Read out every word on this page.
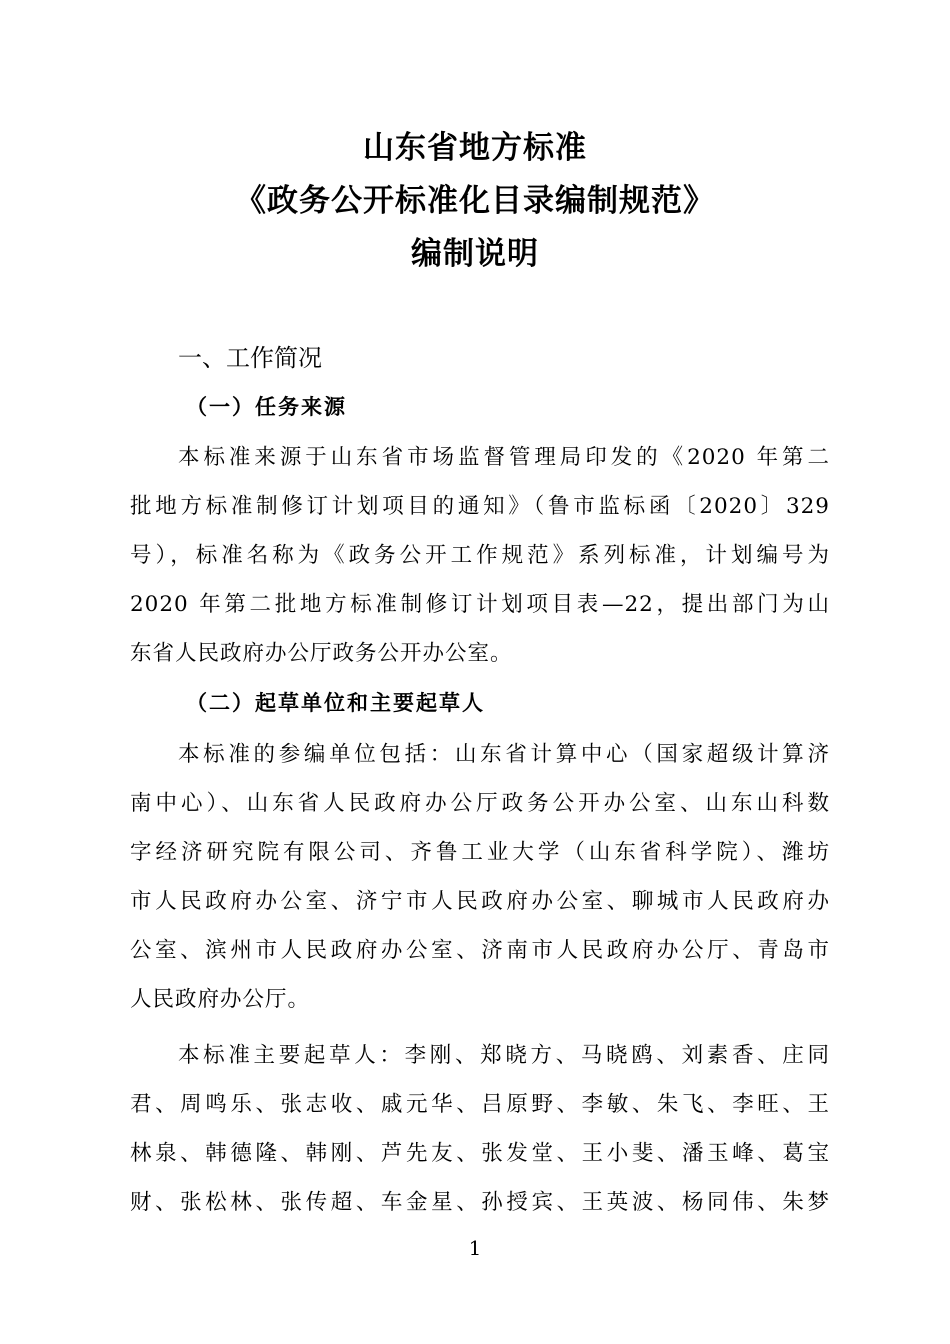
山东省地方标准
《政务公开标准化目录编制规范》
编制说明
一、工作简况
（一）任务来源
本标准来源于山东省市场监督管理局印发的《2020 年第二
批地方标准制修订计划项目的通知》（鲁市监标函〔2020〕329
号），标准名称为《政务公开工作规范》系列标准，计划编号为
2020 年第二批地方标准制修订计划项目表—22，提出部门为山
东省人民政府办公厅政务公开办公室。
（二）起草单位和主要起草人
本标准的参编单位包括：山东省计算中心（国家超级计算济
南中心）、山东省人民政府办公厅政务公开办公室、山东山科数
字经济研究院有限公司、齐鲁工业大学（山东省科学院）、潍坊
市人民政府办公室、济宁市人民政府办公室、聊城市人民政府办
公室、滨州市人民政府办公室、济南市人民政府办公厅、青岛市
人民政府办公厅。
本标准主要起草人：李刚、郑晓方、马晓鸥、刘素香、庄同
君、周鸣乐、张志收、戚元华、吕原野、李敏、朱飞、李旺、王
林泉、韩德隆、韩刚、芦先友、张发堂、王小斐、潘玉峰、葛宝
财、张松林、张传超、车金星、孙授宾、王英波、杨同伟、朱梦
1
